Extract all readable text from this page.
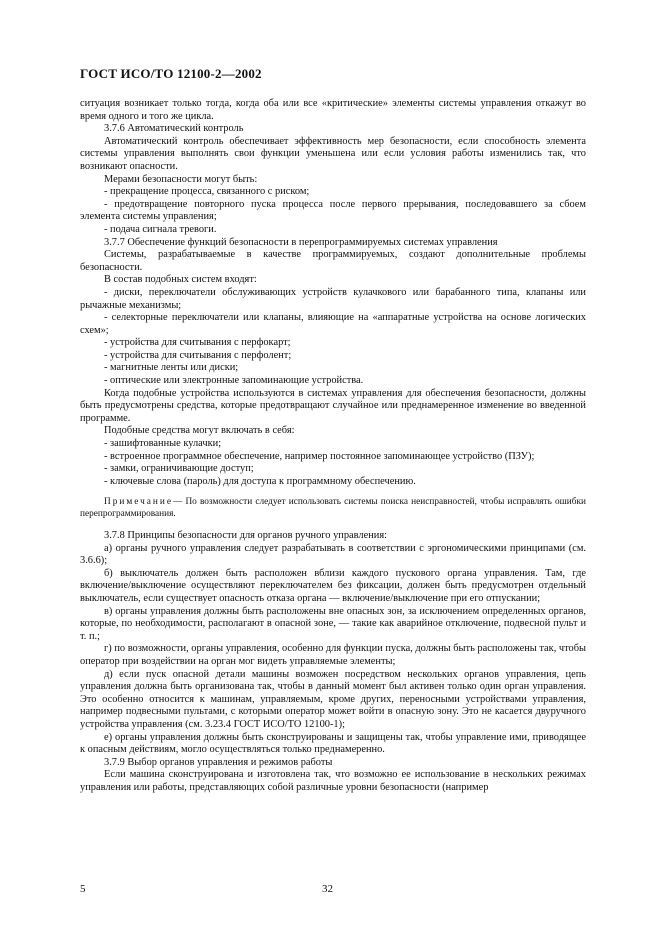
ГОСТ ИСО/ТО 12100-2—2002

ситуация возникает только тогда, когда оба или все «критические» элементы системы управления откажут во время одного и того же цикла.

3.7.6 Автоматический контроль

Автоматический контроль обеспечивает эффективность мер безопасности, если способность элемента системы управления выполнять свои функции уменьшена или если условия работы изменились так, что возникают опасности.

Мерами безопасности могут быть:

- прекращение процесса, связанного с риском;

- предотвращение повторного пуска процесса после первого прерывания, последовавшего за сбоем элемента системы управления;

- подача сигнала тревоги.

3.7.7 Обеспечение функций безопасности в перепрограммируемых системах управления

Системы, разрабатываемые в качестве программируемых, создают дополнительные проблемы безопасности.

В состав подобных систем входят:

- диски, переключатели обслуживающих устройств кулачкового или барабанного типа, клапаны или рычажные механизмы;

- селекторные переключатели или клапаны, влияющие на «аппаратные устройства на основе логических схем»;

- устройства для считывания с перфокарт;

- устройства для считывания с перфолент;

- магнитные ленты или диски;

- оптические или электронные запоминающие устройства.

Когда подобные устройства используются в системах управления для обеспечения безопасности, должны быть предусмотрены средства, которые предотвращают случайное или преднамеренное изменение во введенной программе.

Подобные средства могут включать в себя:

- зашифтованные кулачки;

- встроенное программное обеспечение, например постоянное запоминающее устройство (ПЗУ);

- замки, ограничивающие доступ;

- ключевые слова (пароль) для доступа к программному обеспечению.

Примечание— По возможности следует использовать системы поиска неисправностей, чтобы исправлять ошибки перепрограммирования.

3.7.8 Принципы безопасности для органов ручного управления:

а) органы ручного управления следует разрабатывать в соответствии с эргономическими принципами (см. 3.6.6);

б) выключатель должен быть расположен вблизи каждого пускового органа управления. Там, где включение/выключение осуществляют переключателем без фиксации, должен быть предусмотрен отдельный выключатель, если существует опасность отказа органа — включение/выключение при его отпускании;

в) органы управления должны быть расположены вне опасных зон, за исключением определенных органов, которые, по необходимости, располагают в опасной зоне, — такие как аварийное отключение, подвесной пульт и т. п.;

г) по возможности, органы управления, особенно для функции пуска, должны быть расположены так, чтобы оператор при воздействии на орган мог видеть управляемые элементы;

д) если пуск опасной детали машины возможен посредством нескольких органов управления, цепь управления должна быть организована так, чтобы в данный момент был активен только один орган управления. Это особенно относится к машинам, управляемым, кроме других, переносными устройствами управления, например подвесными пультами, с которыми оператор может войти в опасную зону. Это не касается двуручного устройства управления (см. 3.23.4 ГОСТ ИСО/ТО 12100-1);

е) органы управления должны быть сконструированы и защищены так, чтобы управление ими, приводящее к опасным действиям, могло осуществляться только преднамеренно.

3.7.9 Выбор органов управления и режимов работы

Если машина сконструирована и изготовлена так, что возможно ее использование в нескольких режимах управления или работы, представляющих собой различные уровни безопасности (например

5	32
